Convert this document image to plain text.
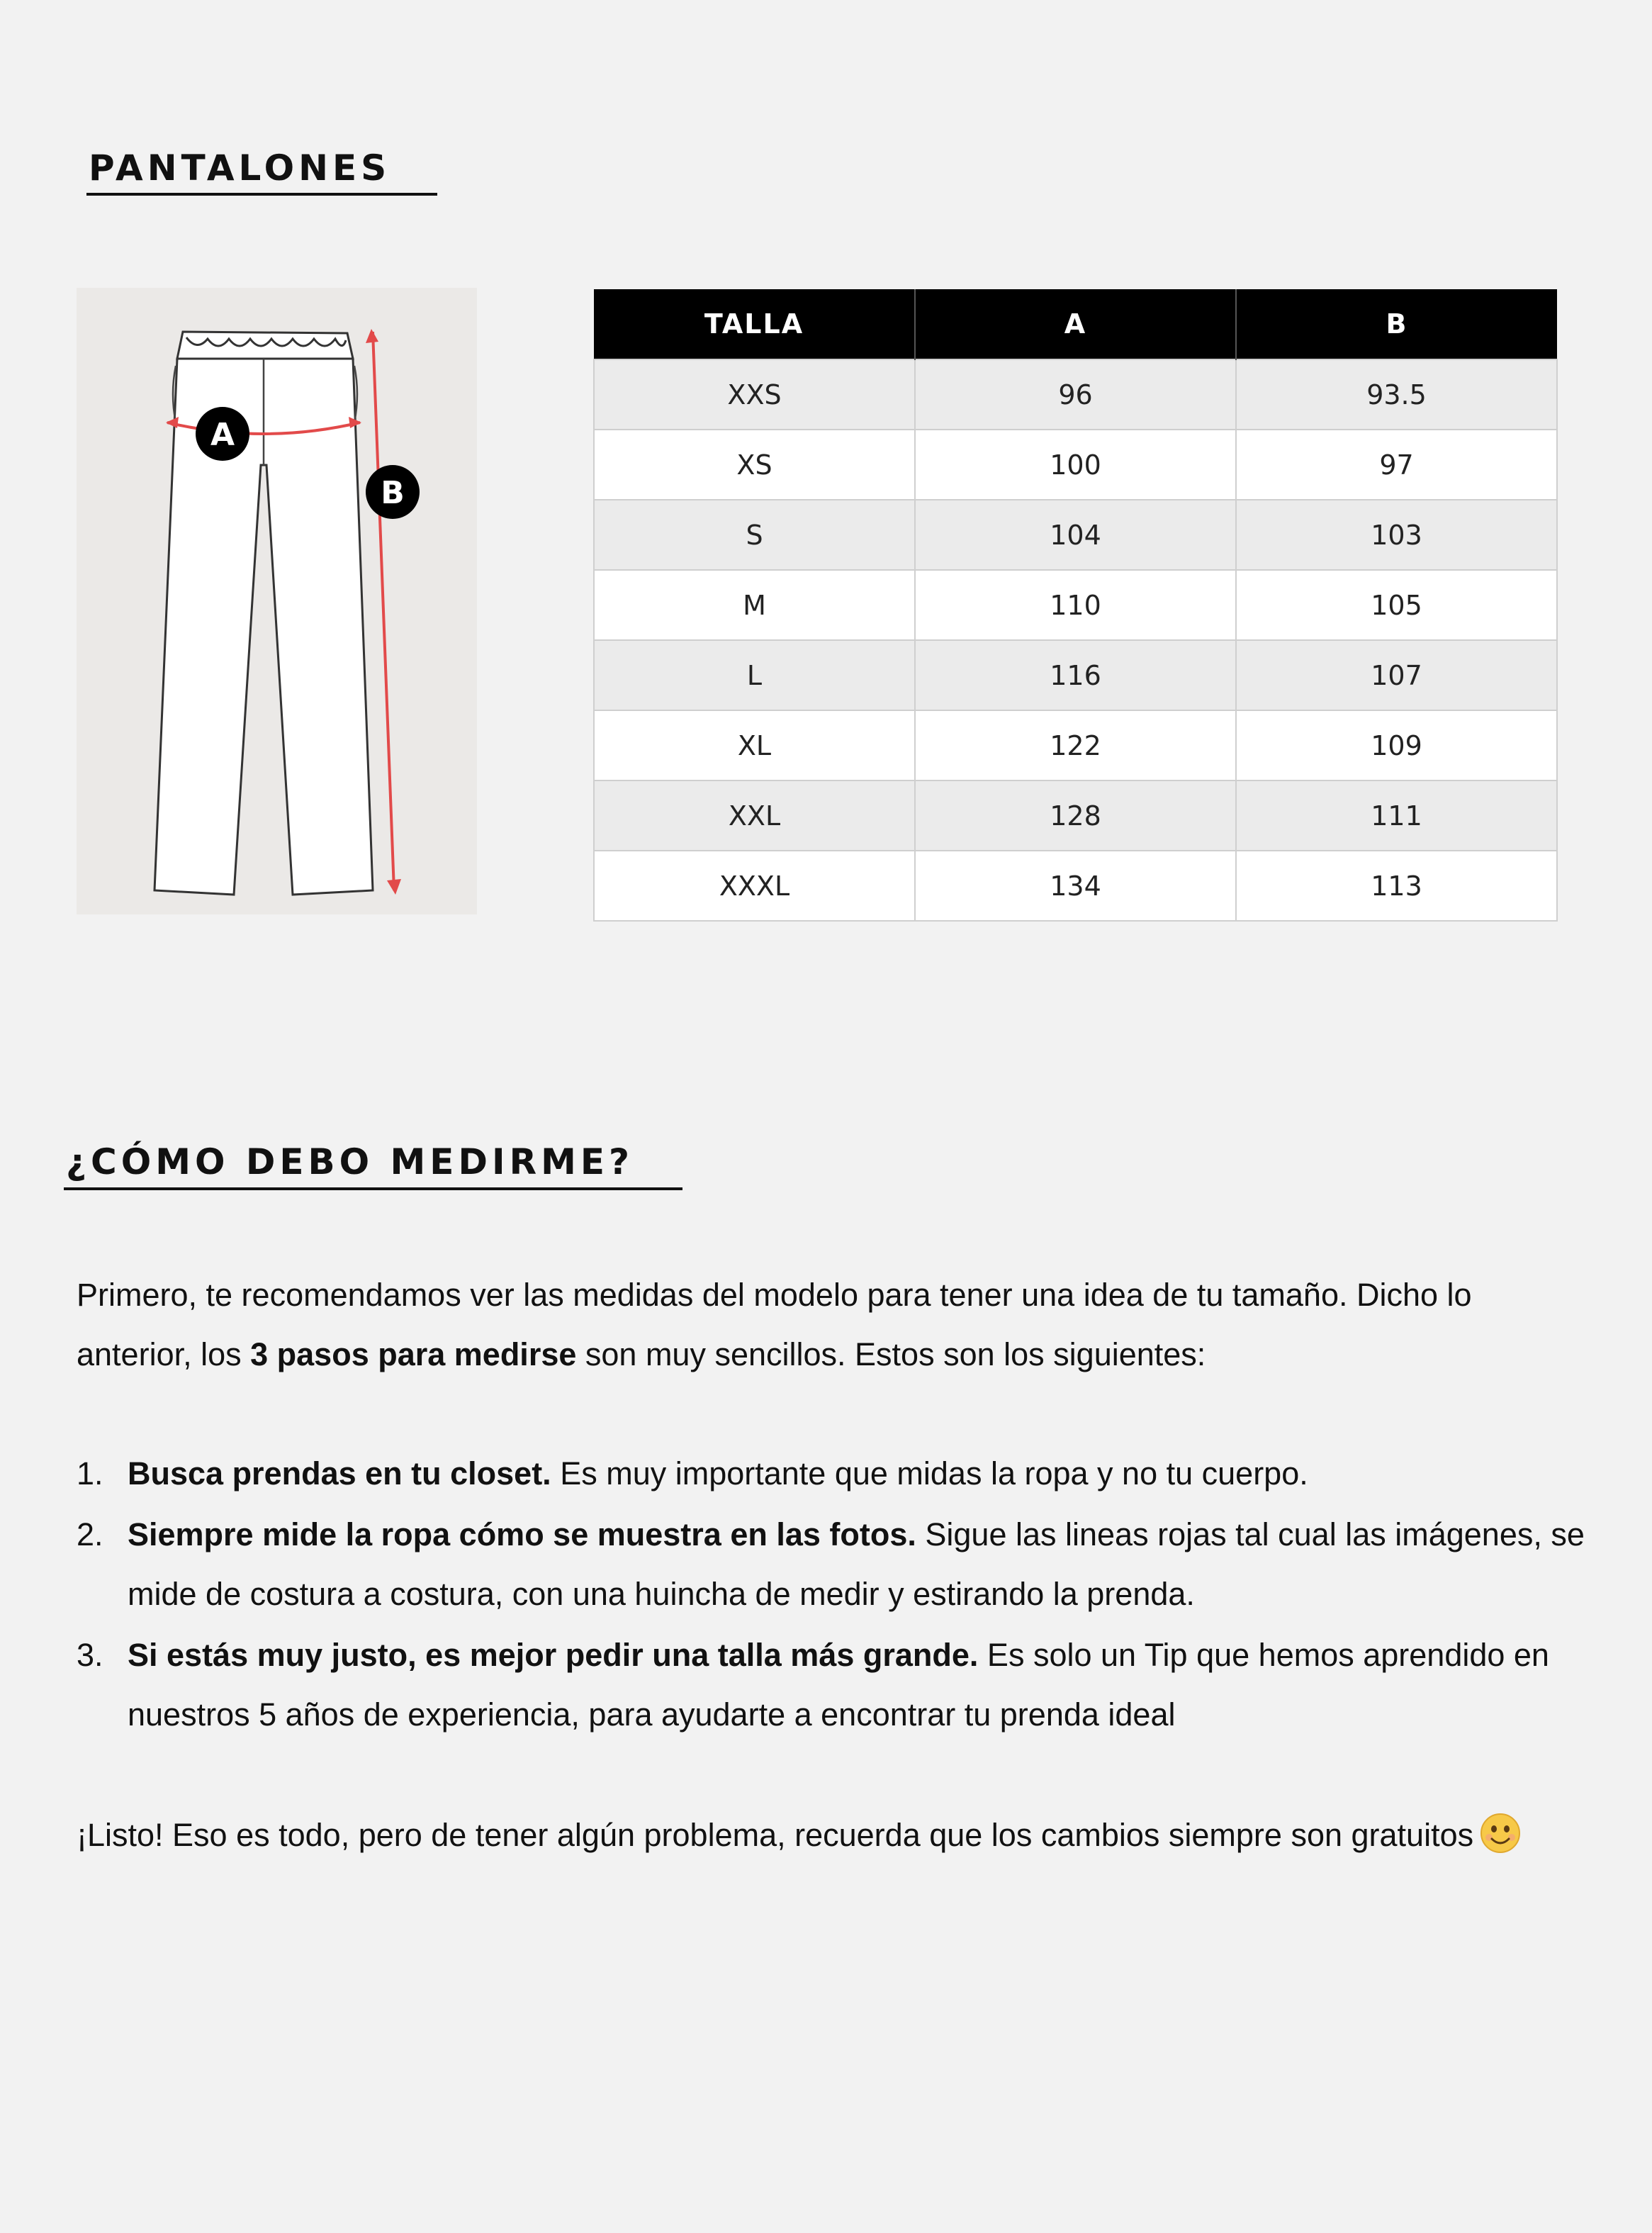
PANTALONES
A
B
TALLA	A	B
XXS	96	93.5
XS	100	97
S	104	103
M	110	105
L	116	107
XL	122	109
XXL	128	111
XXXL	134	113
¿CÓMO DEBO MEDIRME?

Primero, te recomendamos ver las medidas del modelo para tener una idea de tu tamaño. Dicho lo anterior, los 3 pasos para medirse son muy sencillos. Estos son los siguientes:

1. Busca prendas en tu closet. Es muy importante que midas la ropa y no tu cuerpo.
2. Siempre mide la ropa cómo se muestra en las fotos. Sigue las lineas rojas tal cual las imágenes, se mide de costura a costura, con una huincha de medir y estirando la prenda.
3. Si estás muy justo, es mejor pedir una talla más grande. Es solo un Tip que hemos aprendido en nuestros 5 años de experiencia, para ayudarte a encontrar tu prenda ideal

¡Listo! Eso es todo, pero de tener algún problema, recuerda que los cambios siempre son gratuitos
